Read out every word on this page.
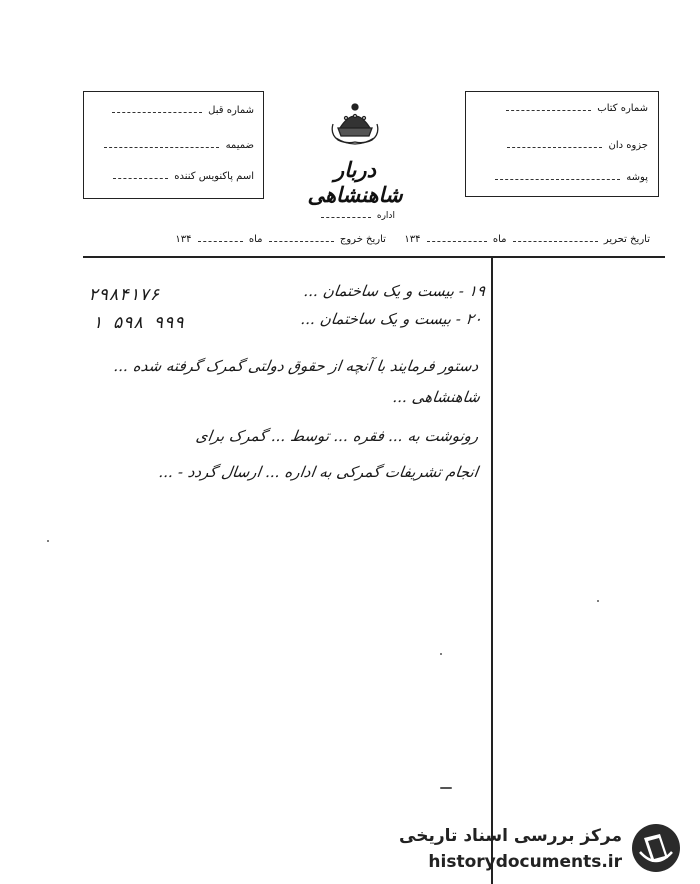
شماره قبل
ضمیمه
اسم پاکنویس کننده
شماره کتاب
جزوه دان
پوشه
دربار شاهنشاهی
اداره
تاریخ تحریر  ماه  ۱۳۴  تاریخ خروج  ماه  ۱۳۴
۲۹۸۴۱۷۶
۱ ۵۹۸ ۹۹۹
۱۹ - بیست و یک ساختمان ...
۲۰ - بیست و یک ساختمان ...
دستور فرمایند با آنچه از حقوق دولتی گمرک گرفته شده ...
شاهنشاهی ...
رونوشت به ... فقره ... توسط ... گمرک برای
انجام تشریفات گمرکی به اداره ... ارسال گردد - ...
مرکز بررسی اسناد تاریخی
historydocuments.ir
